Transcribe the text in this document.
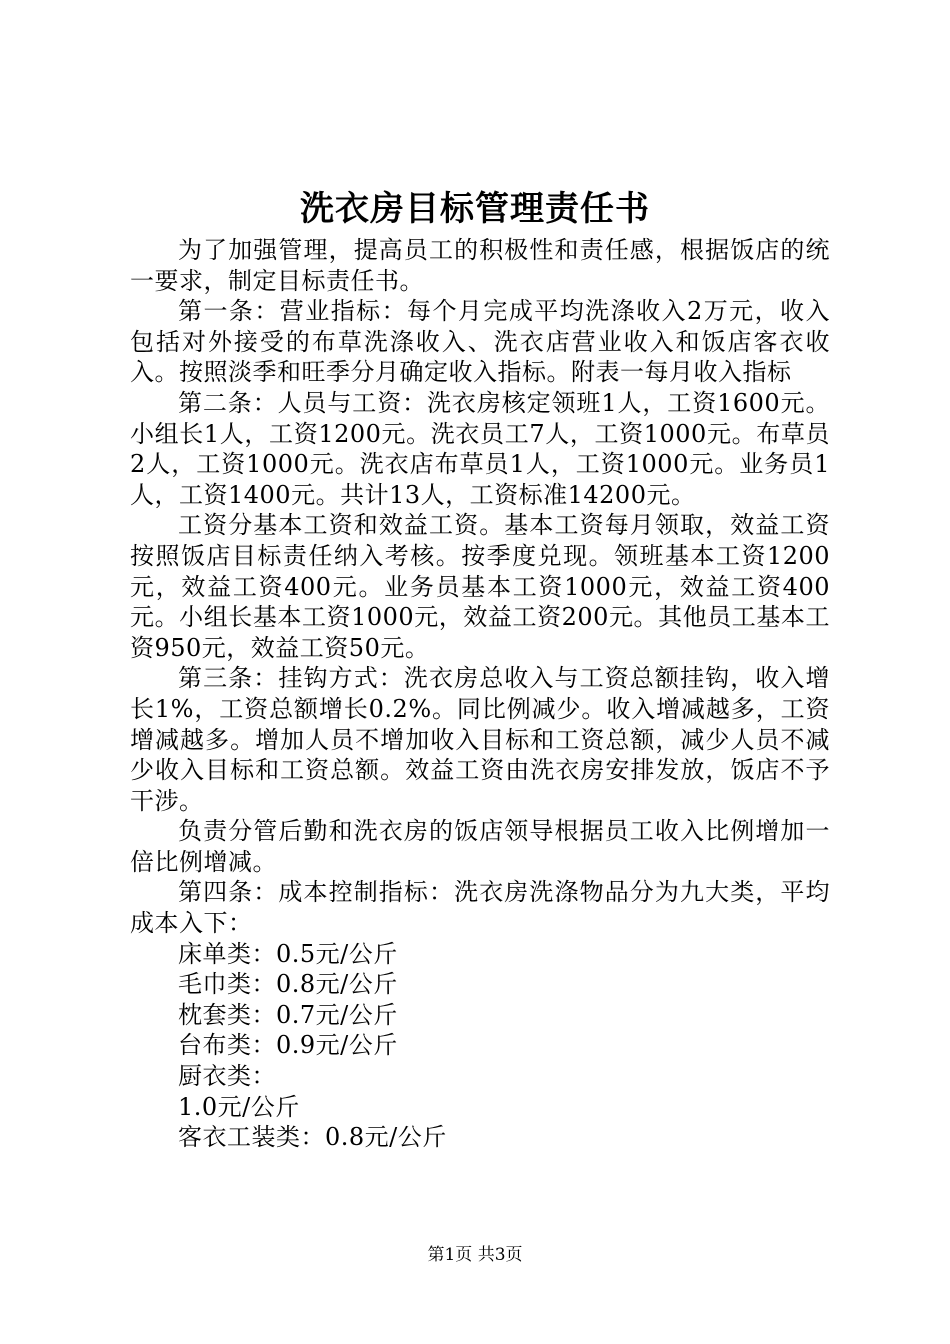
洗衣房目标管理责任书

为了加强管理，提高员工的积极性和责任感，根据饭店的统一要求，制定目标责任书。

第一条：营业指标：每个月完成平均洗涤收入2万元，收入包括对外接受的布草洗涤收入、洗衣店营业收入和饭店客衣收入。按照淡季和旺季分月确定收入指标。附表一每月收入指标

第二条：人员与工资：洗衣房核定领班1人，工资1600元。小组长1人，工资1200元。洗衣员工7人，工资1000元。布草员2人，工资1000元。洗衣店布草员1人，工资1000元。业务员1人，工资1400元。共计13人，工资标准14200元。

工资分基本工资和效益工资。基本工资每月领取，效益工资按照饭店目标责任纳入考核。按季度兑现。领班基本工资1200元，效益工资400元。业务员基本工资1000元，效益工资400元。小组长基本工资1000元，效益工资200元。其他员工基本工资950元，效益工资50元。

第三条：挂钩方式：洗衣房总收入与工资总额挂钩，收入增长1%，工资总额增长0.2%。同比例减少。收入增减越多，工资增减越多。增加人员不增加收入目标和工资总额，减少人员不减少收入目标和工资总额。效益工资由洗衣房安排发放，饭店不予干涉。

负责分管后勤和洗衣房的饭店领导根据员工收入比例增加一倍比例增减。

第四条：成本控制指标：洗衣房洗涤物品分为九大类，平均成本入下：

床单类：0.5元/公斤

毛巾类：0.8元/公斤

枕套类：0.7元/公斤

台布类：0.9元/公斤

厨衣类：

1.0元/公斤

客衣工装类：0.8元/公斤

第1页 共3页
